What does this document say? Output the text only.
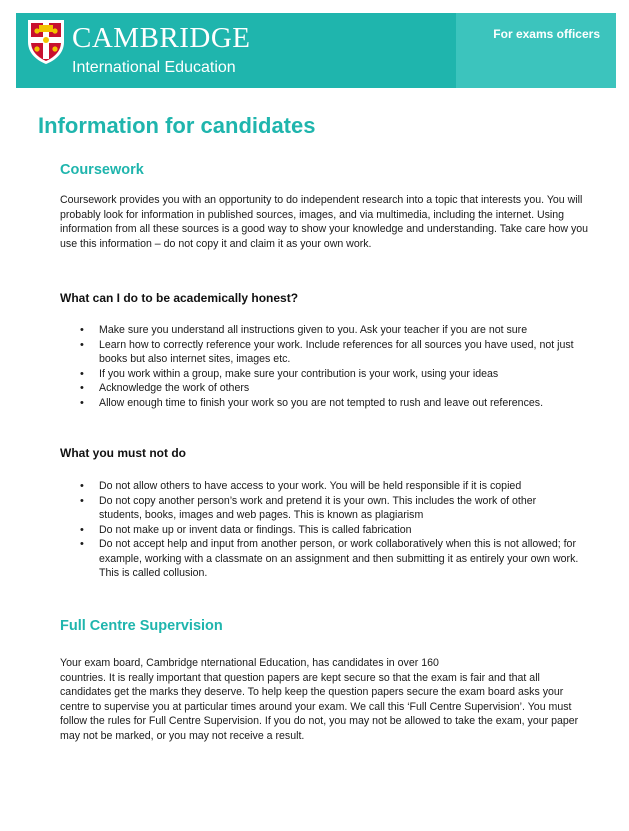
For exams officers
CAMBRIDGE
International Education
Information for candidates
Coursework

Coursework provides you with an opportunity to do independent research into a topic that interests you. You will probably look for information in published sources, images, and via multimedia, including the internet. Using information from all these sources is a good way to show your knowledge and understanding. Take care how you use this information – do not copy it and claim it as your own work.

What can I do to be academically honest?
• Make sure you understand all instructions given to you. Ask your teacher if you are not sure
• Learn how to correctly reference your work. Include references for all sources you have used, not just books but also internet sites, images etc.
• If you work within a group, make sure your contribution is your work, using your ideas
• Acknowledge the work of others
• Allow enough time to finish your work so you are not tempted to rush and leave out references.
What you must not do
• Do not allow others to have access to your work. You will be held responsible if it is copied
• Do not copy another person’s work and pretend it is your own. This includes the work of other students, books, images and web pages. This is known as plagiarism
• Do not make up or invent data or findings. This is called fabrication
• Do not accept help and input from another person, or work collaboratively when this is not allowed; for example, working with a classmate on an assignment and then submitting it as entirely your own work. This is called collusion.
Full Centre Supervision

Your exam board, Cambridge nternational Education, has candidates in over 160
countries. It is really important that question papers are kept secure so that the exam is fair and that all candidates get the marks they deserve. To help keep the question papers secure the exam board asks your centre to supervise you at particular times around your exam. We call this ‘Full Centre Supervision’. You must follow the rules for Full Centre Supervision. If you do not, you may not be allowed to take the exam, your paper may not be marked, or you may not receive a result.
